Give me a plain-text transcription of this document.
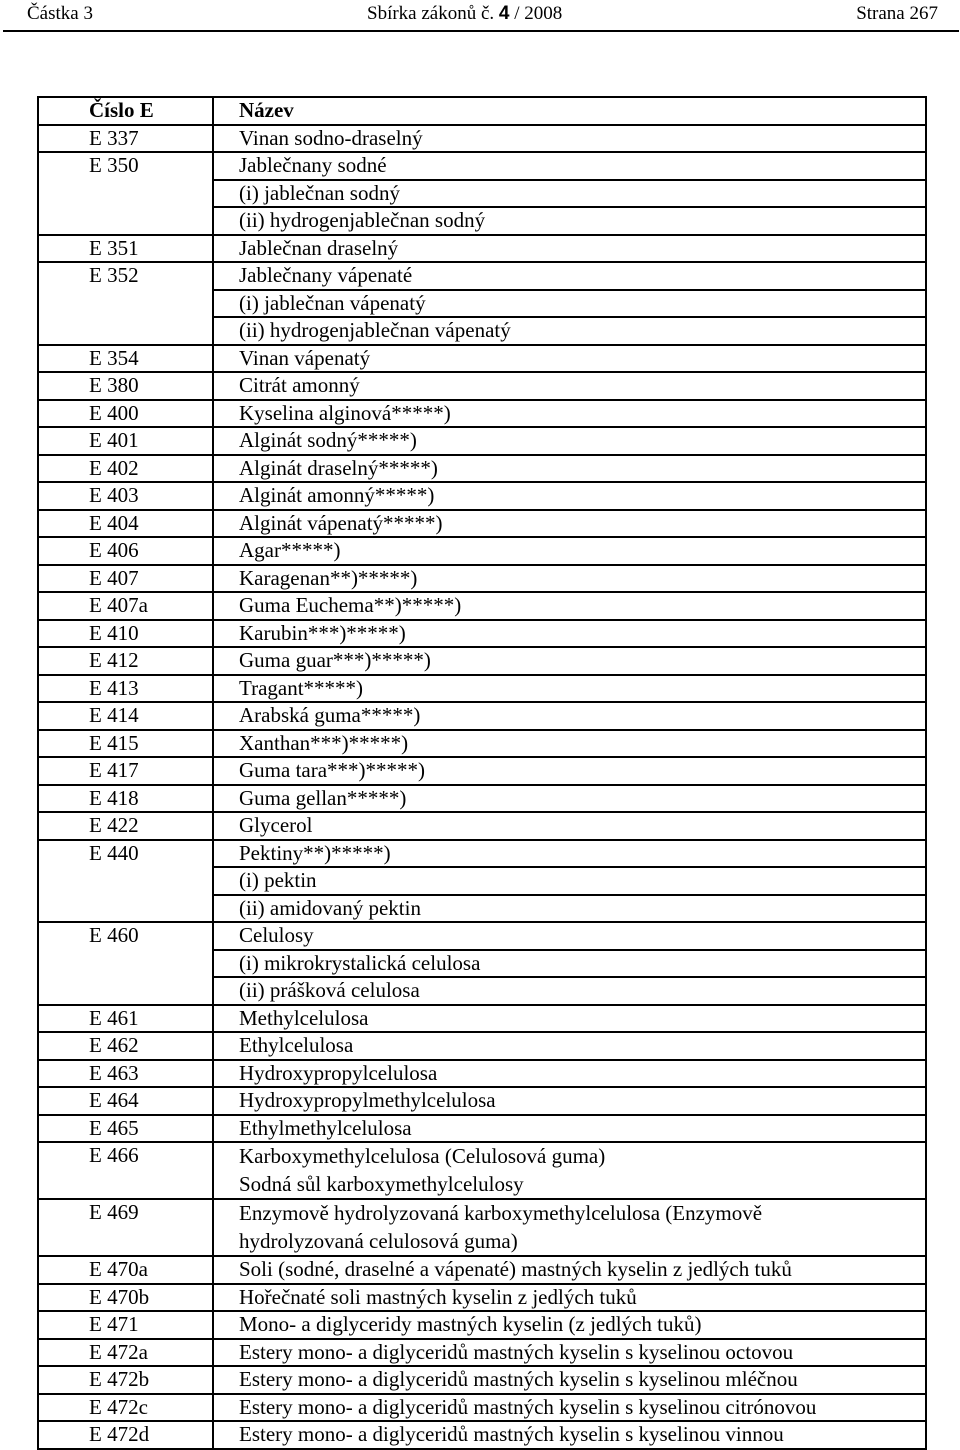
Částka 3	Sbírka zákonů č. 4 / 2008	Strana 267
Číslo E	Název
E 337	Vinan sodno-draselný
E 350	Jablečnany sodné
	(i) jablečnan sodný
	(ii) hydrogenjablečnan sodný
E 351	Jablečnan draselný
E 352	Jablečnany vápenaté
	(i) jablečnan vápenatý
	(ii) hydrogenjablečnan vápenatý
E 354	Vinan vápenatý
E 380	Citrát amonný
E 400	Kyselina alginová*****)
E 401	Alginát sodný*****)
E 402	Alginát draselný*****)
E 403	Alginát amonný*****)
E 404	Alginát vápenatý*****)
E 406	Agar*****)
E 407	Karagenan**)*****)
E 407a	Guma Euchema**)*****)
E 410	Karubin***)*****)
E 412	Guma guar***)*****)
E 413	Tragant*****)
E 414	Arabská guma*****)
E 415	Xanthan***)*****)
E 417	Guma tara***)*****)
E 418	Guma gellan*****)
E 422	Glycerol
E 440	Pektiny**)*****)
	(i) pektin
	(ii) amidovaný pektin
E 460	Celulosy
	(i) mikrokrystalická celulosa
	(ii) prášková celulosa
E 461	Methylcelulosa
E 462	Ethylcelulosa
E 463	Hydroxypropylcelulosa
E 464	Hydroxypropylmethylcelulosa
E 465	Ethylmethylcelulosa
E 466	Karboxymethylcelulosa (Celulosová guma)
Sodná sůl karboxymethylcelulosy

E 469	Enzymově hydrolyzovaná karboxymethylcelulosa (Enzymově
hydrolyzovaná celulosová guma)

E 470a	Soli (sodné, draselné a vápenaté) mastných kyselin z jedlých tuků
E 470b	Hořečnaté soli mastných kyselin z jedlých tuků
E 471	Mono- a diglyceridy mastných kyselin (z jedlých tuků)
E 472a	Estery mono- a diglyceridů mastných kyselin s kyselinou octovou
E 472b	Estery mono- a diglyceridů mastných kyselin s kyselinou mléčnou
E 472c	Estery mono- a diglyceridů mastných kyselin s kyselinou citrónovou
E 472d	Estery mono- a diglyceridů mastných kyselin s kyselinou vinnou
